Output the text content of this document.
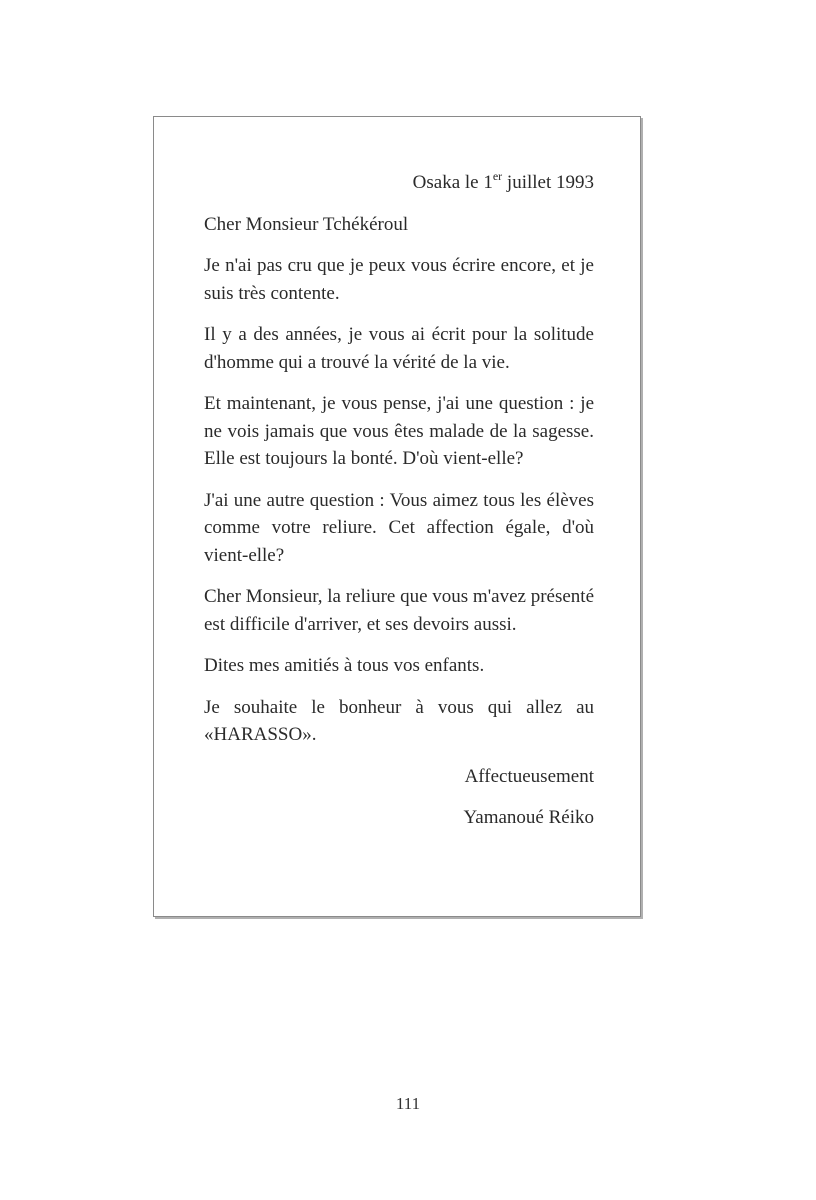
Osaka le 1er juillet 1993

Cher Monsieur Tchékéroul

Je n'ai pas cru que je peux vous écrire encore, et je suis très contente.

Il y a des années, je vous ai écrit pour la solitude d'homme qui a trouvé la vérité de la vie.

Et maintenant, je vous pense, j'ai une question : je ne vois jamais que vous êtes malade de la sagesse. Elle est toujours la bonté. D'où vient-elle?

J'ai une autre question : Vous aimez tous les élèves comme votre reliure. Cet affection égale, d'où vient-elle?

Cher Monsieur, la reliure que vous m'avez présenté est difficile d'arriver, et ses devoirs aussi.

Dites mes amitiés à tous vos enfants.

Je souhaite le bonheur à vous qui allez au «HARASSO».

Affectueusement

Yamanoué Réiko

111
